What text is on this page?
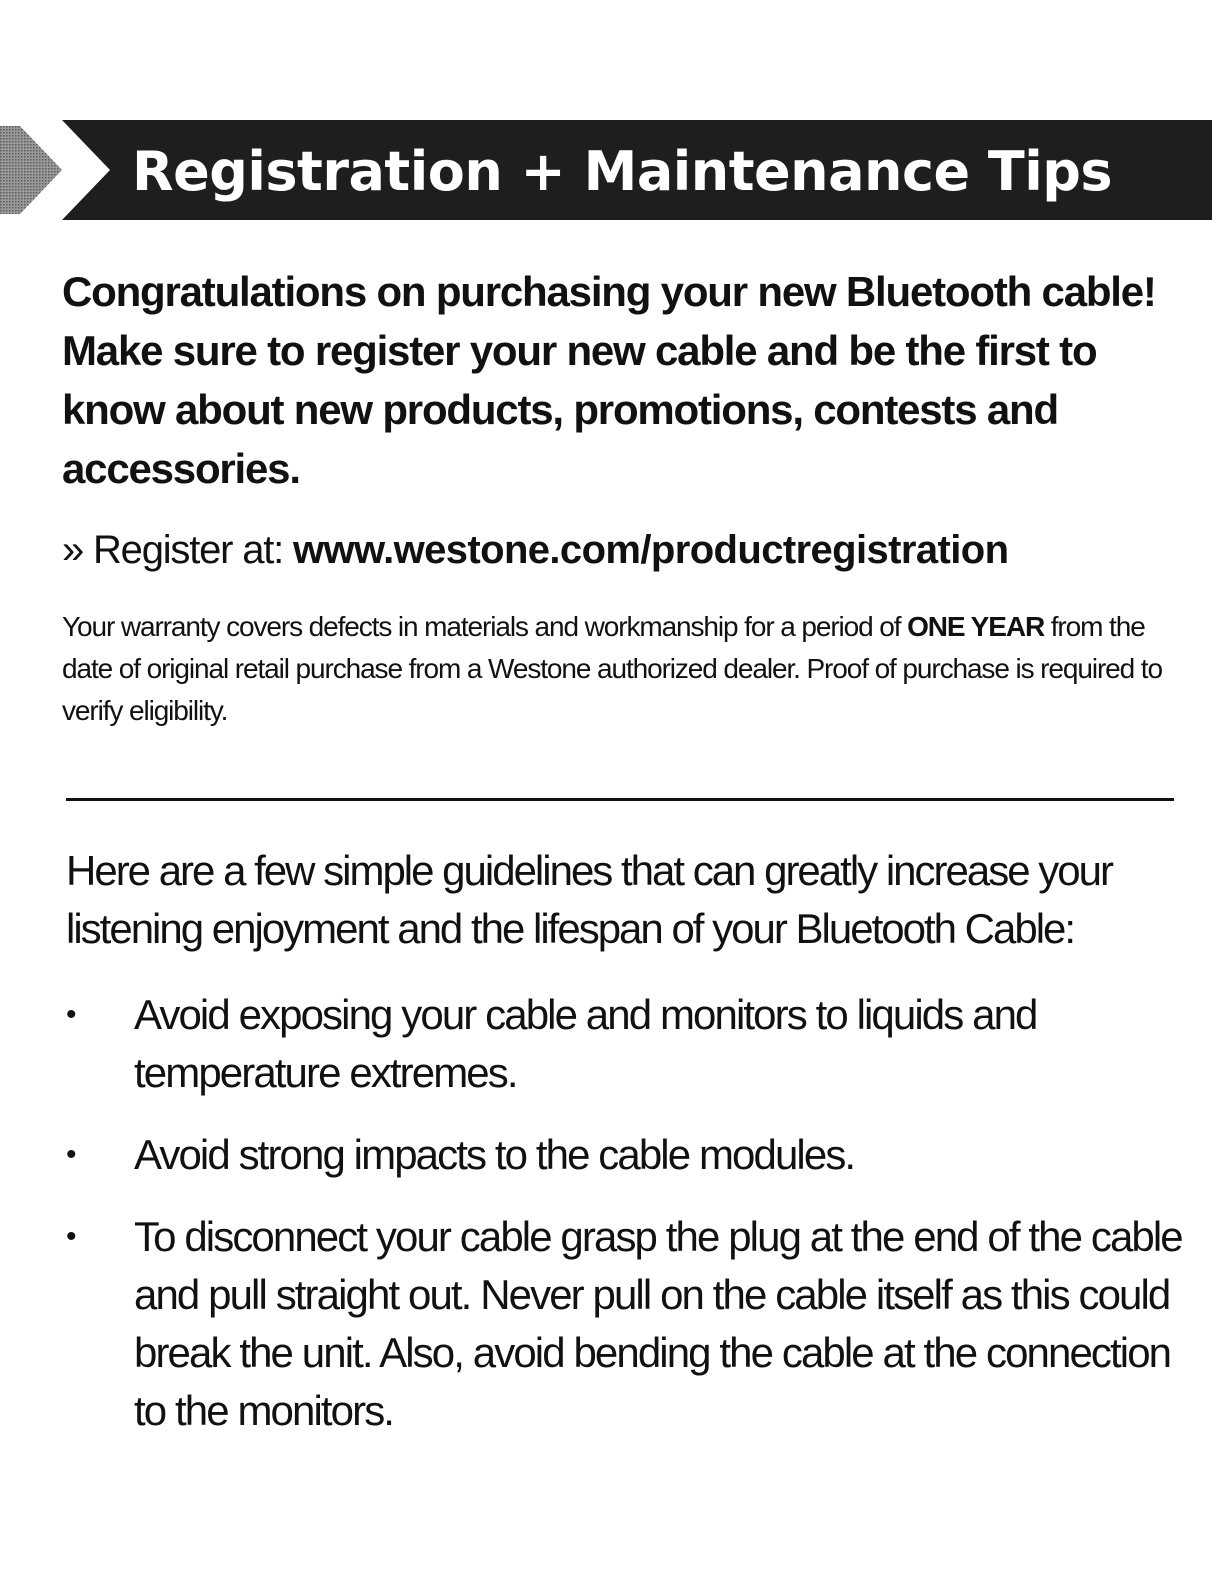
Registration + Maintenance Tips

Congratulations on purchasing your new Bluetooth cable! Make sure to register your new cable and be the first to know about new products, promotions, contests and accessories.

» Register at: www.westone.com/productregistration

Your warranty covers defects in materials and workmanship for a period of ONE YEAR from the date of original retail purchase from a Westone authorized dealer. Proof of purchase is required to verify eligibility.

Here are a few simple guidelines that can greatly increase your listening enjoyment and the lifespan of your Bluetooth Cable:

• Avoid exposing your cable and monitors to liquids and temperature extremes.
• Avoid strong impacts to the cable modules.
• To disconnect your cable grasp the plug at the end of the cable and pull straight out. Never pull on the cable itself as this could break the unit. Also, avoid bending the cable at the connection to the monitors.
